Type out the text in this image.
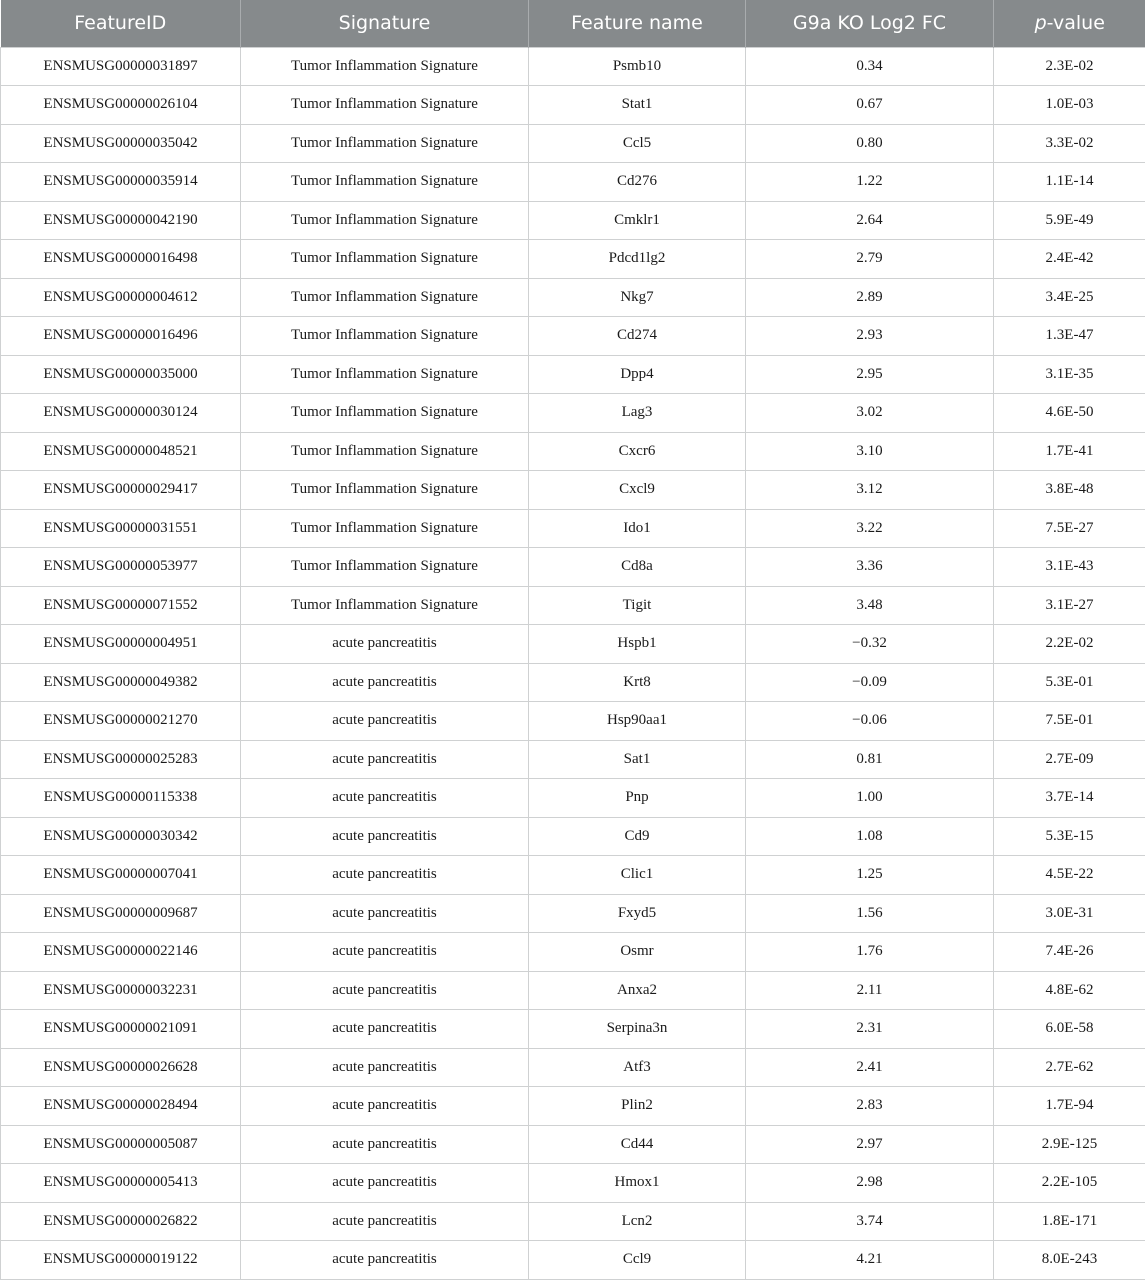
FeatureID	Signature	Feature name	G9a KO Log2 FC	p-value
ENSMUSG00000031897	Tumor Inflammation Signature	Psmb10	0.34	2.3E-02
ENSMUSG00000026104	Tumor Inflammation Signature	Stat1	0.67	1.0E-03
ENSMUSG00000035042	Tumor Inflammation Signature	Ccl5	0.80	3.3E-02
ENSMUSG00000035914	Tumor Inflammation Signature	Cd276	1.22	1.1E-14
ENSMUSG00000042190	Tumor Inflammation Signature	Cmklr1	2.64	5.9E-49
ENSMUSG00000016498	Tumor Inflammation Signature	Pdcd1lg2	2.79	2.4E-42
ENSMUSG00000004612	Tumor Inflammation Signature	Nkg7	2.89	3.4E-25
ENSMUSG00000016496	Tumor Inflammation Signature	Cd274	2.93	1.3E-47
ENSMUSG00000035000	Tumor Inflammation Signature	Dpp4	2.95	3.1E-35
ENSMUSG00000030124	Tumor Inflammation Signature	Lag3	3.02	4.6E-50
ENSMUSG00000048521	Tumor Inflammation Signature	Cxcr6	3.10	1.7E-41
ENSMUSG00000029417	Tumor Inflammation Signature	Cxcl9	3.12	3.8E-48
ENSMUSG00000031551	Tumor Inflammation Signature	Ido1	3.22	7.5E-27
ENSMUSG00000053977	Tumor Inflammation Signature	Cd8a	3.36	3.1E-43
ENSMUSG00000071552	Tumor Inflammation Signature	Tigit	3.48	3.1E-27
ENSMUSG00000004951	acute pancreatitis	Hspb1	−0.32	2.2E-02
ENSMUSG00000049382	acute pancreatitis	Krt8	−0.09	5.3E-01
ENSMUSG00000021270	acute pancreatitis	Hsp90aa1	−0.06	7.5E-01
ENSMUSG00000025283	acute pancreatitis	Sat1	0.81	2.7E-09
ENSMUSG00000115338	acute pancreatitis	Pnp	1.00	3.7E-14
ENSMUSG00000030342	acute pancreatitis	Cd9	1.08	5.3E-15
ENSMUSG00000007041	acute pancreatitis	Clic1	1.25	4.5E-22
ENSMUSG00000009687	acute pancreatitis	Fxyd5	1.56	3.0E-31
ENSMUSG00000022146	acute pancreatitis	Osmr	1.76	7.4E-26
ENSMUSG00000032231	acute pancreatitis	Anxa2	2.11	4.8E-62
ENSMUSG00000021091	acute pancreatitis	Serpina3n	2.31	6.0E-58
ENSMUSG00000026628	acute pancreatitis	Atf3	2.41	2.7E-62
ENSMUSG00000028494	acute pancreatitis	Plin2	2.83	1.7E-94
ENSMUSG00000005087	acute pancreatitis	Cd44	2.97	2.9E-125
ENSMUSG00000005413	acute pancreatitis	Hmox1	2.98	2.2E-105
ENSMUSG00000026822	acute pancreatitis	Lcn2	3.74	1.8E-171
ENSMUSG00000019122	acute pancreatitis	Ccl9	4.21	8.0E-243
